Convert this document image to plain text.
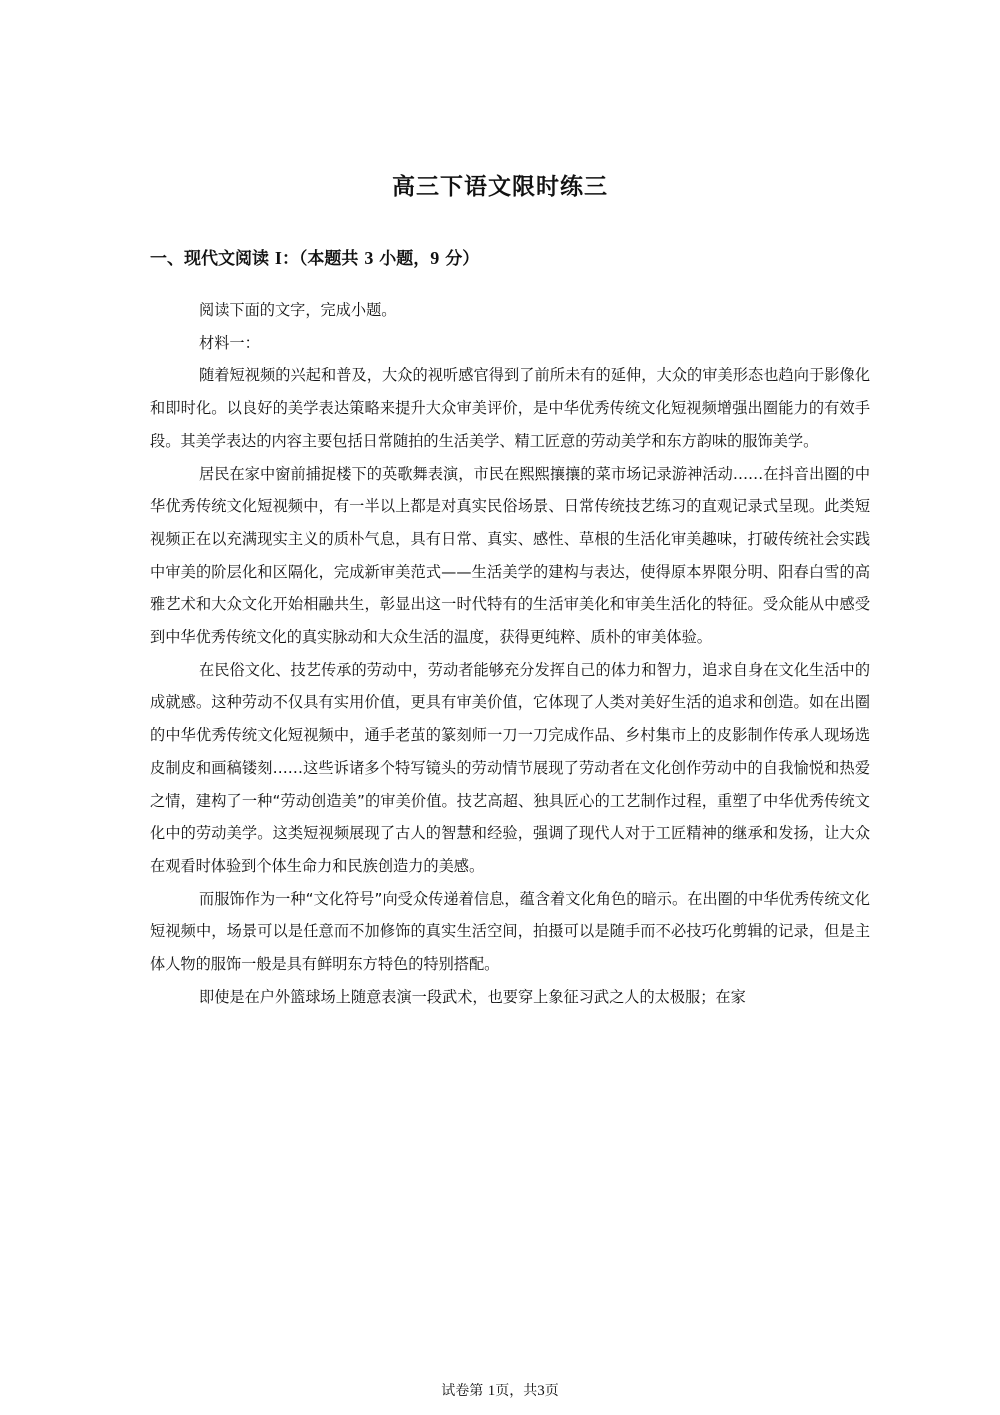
高三下语文限时练三
一、现代文阅读 I：（本题共 3 小题，9 分）

阅读下面的文字，完成小题。

材料一：

随着短视频的兴起和普及，大众的视听感官得到了前所未有的延伸，大众的审美形态也趋向于影像化和即时化。以良好的美学表达策略来提升大众审美评价，是中华优秀传统文化短视频增强出圈能力的有效手段。其美学表达的内容主要包括日常随拍的生活美学、精工匠意的劳动美学和东方韵味的服饰美学。

居民在家中窗前捕捉楼下的英歌舞表演，市民在熙熙攘攘的菜市场记录游神活动……在抖音出圈的中华优秀传统文化短视频中，有一半以上都是对真实民俗场景、日常传统技艺练习的直观记录式呈现。此类短视频正在以充满现实主义的质朴气息，具有日常、真实、感性、草根的生活化审美趣味，打破传统社会实践中审美的阶层化和区隔化，完成新审美范式——生活美学的建构与表达，使得原本界限分明、阳春白雪的高雅艺术和大众文化开始相融共生，彰显出这一时代特有的生活审美化和审美生活化的特征。受众能从中感受到中华优秀传统文化的真实脉动和大众生活的温度，获得更纯粹、质朴的审美体验。

在民俗文化、技艺传承的劳动中，劳动者能够充分发挥自己的体力和智力，追求自身在文化生活中的成就感。这种劳动不仅具有实用价值，更具有审美价值，它体现了人类对美好生活的追求和创造。如在出圈的中华优秀传统文化短视频中，通手老茧的篆刻师一刀一刀完成作品、乡村集市上的皮影制作传承人现场选皮制皮和画稿镂刻……这些诉诸多个特写镜头的劳动情节展现了劳动者在文化创作劳动中的自我愉悦和热爱之情，建构了一种“劳动创造美”的审美价值。技艺高超、独具匠心的工艺制作过程，重塑了中华优秀传统文化中的劳动美学。这类短视频展现了古人的智慧和经验，强调了现代人对于工匠精神的继承和发扬，让大众在观看时体验到个体生命力和民族创造力的美感。

而服饰作为一种“文化符号”向受众传递着信息，蕴含着文化角色的暗示。在出圈的中华优秀传统文化短视频中，场景可以是任意而不加修饰的真实生活空间，拍摄可以是随手而不必技巧化剪辑的记录，但是主体人物的服饰一般是具有鲜明东方特色的特别搭配。

即使是在户外篮球场上随意表演一段武术，也要穿上象征习武之人的太极服；在家

试卷第 1页，共3页
